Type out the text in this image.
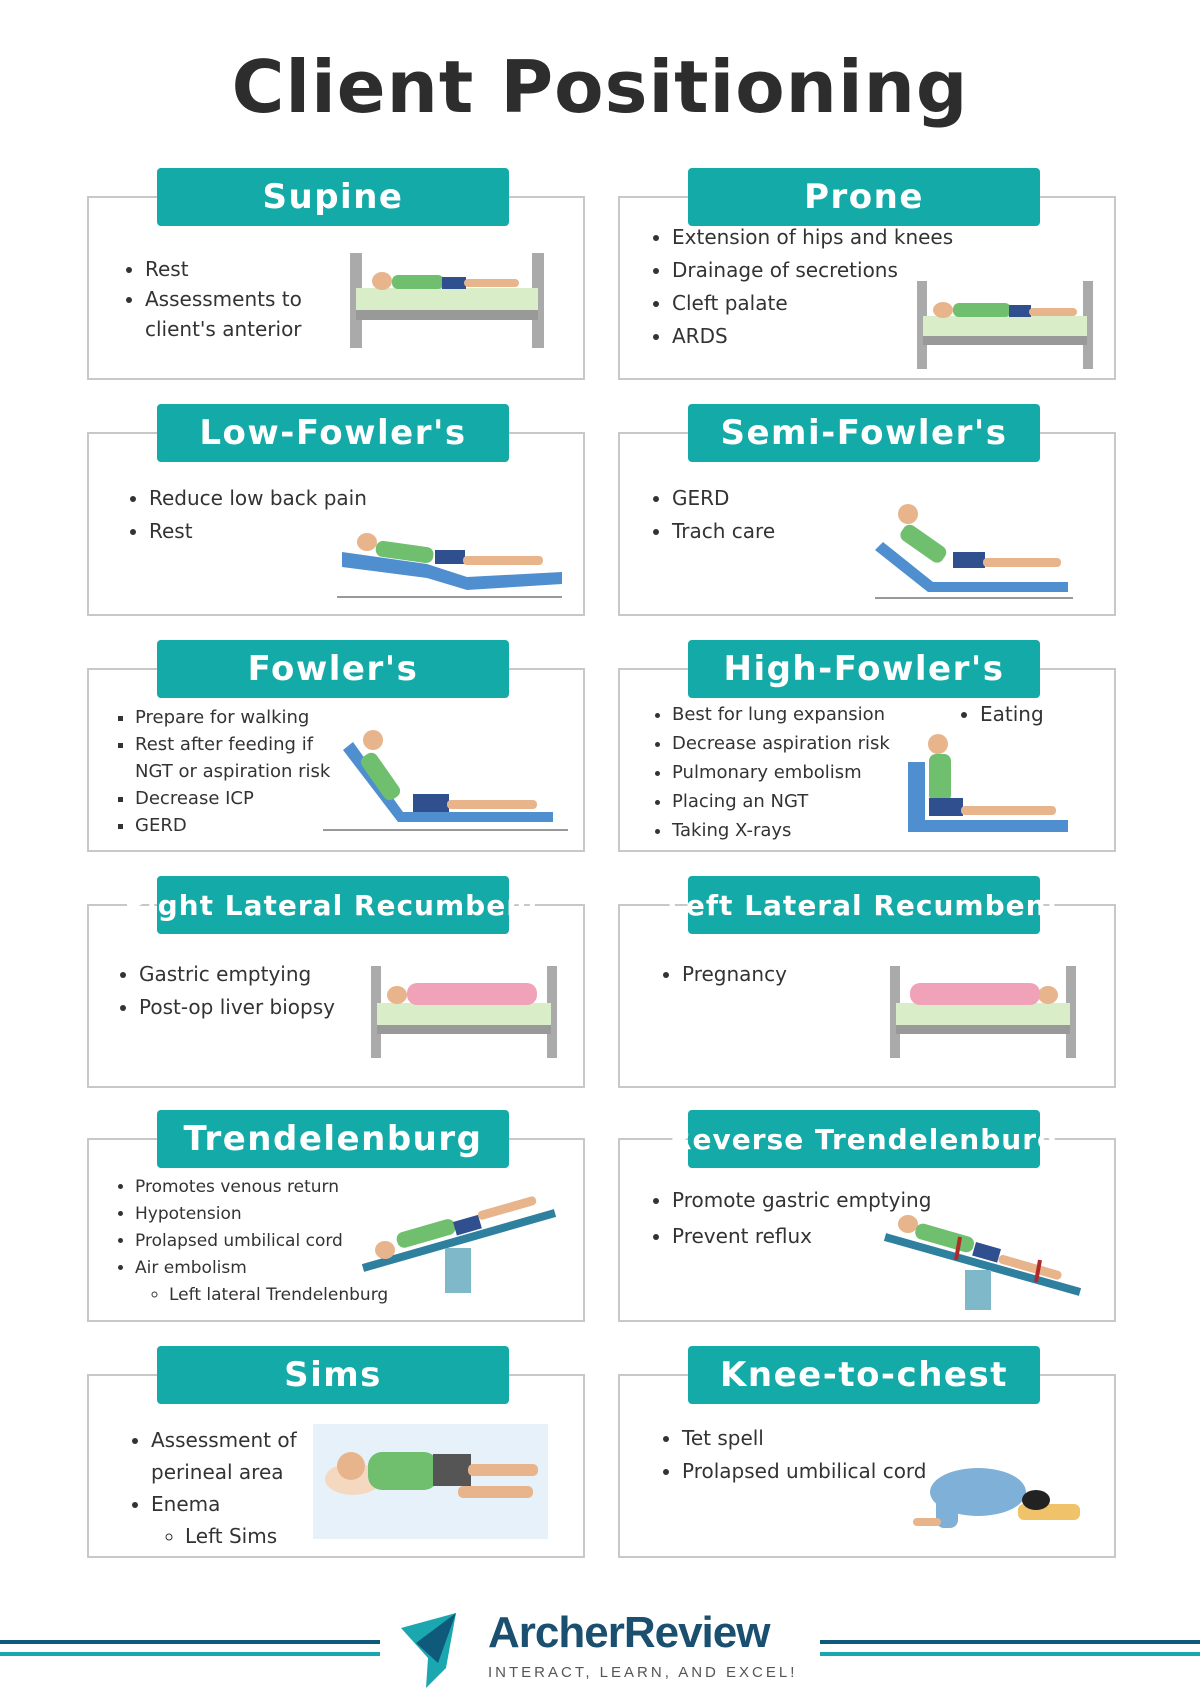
Client Positioning
Supine
• Rest
• Assessments to client's anterior
Prone
• Extension of hips and knees
• Drainage of secretions
• Cleft palate
• ARDS
Low-Fowler's
• Reduce low back pain
• Rest
Semi-Fowler's
• GERD
• Trach care
Fowler's
▪ Prepare for walking
▪ Rest after feeding if NGT or aspiration risk
▪ Decrease ICP
▪ GERD
High-Fowler's
• Best for lung expansion
• Decrease aspiration risk
• Pulmonary embolism
• Placing an NGT
• Taking X-rays
• Eating
Right Lateral Recumbent
• Gastric emptying
• Post-op liver biopsy
Left Lateral Recumbent
• Pregnancy
Trendelenburg
• Promotes venous return
• Hypotension
• Prolapsed umbilical cord
• Air embolism
◦ Left lateral Trendelenburg
Reverse Trendelenburg
• Promote gastric emptying
• Prevent reflux
Sims
• Assessment of perineal area
• Enema
◦ Left Sims
Knee-to-chest
• Tet spell
• Prolapsed umbilical cord
ArcherReview
INTERACT, LEARN, AND EXCEL!
